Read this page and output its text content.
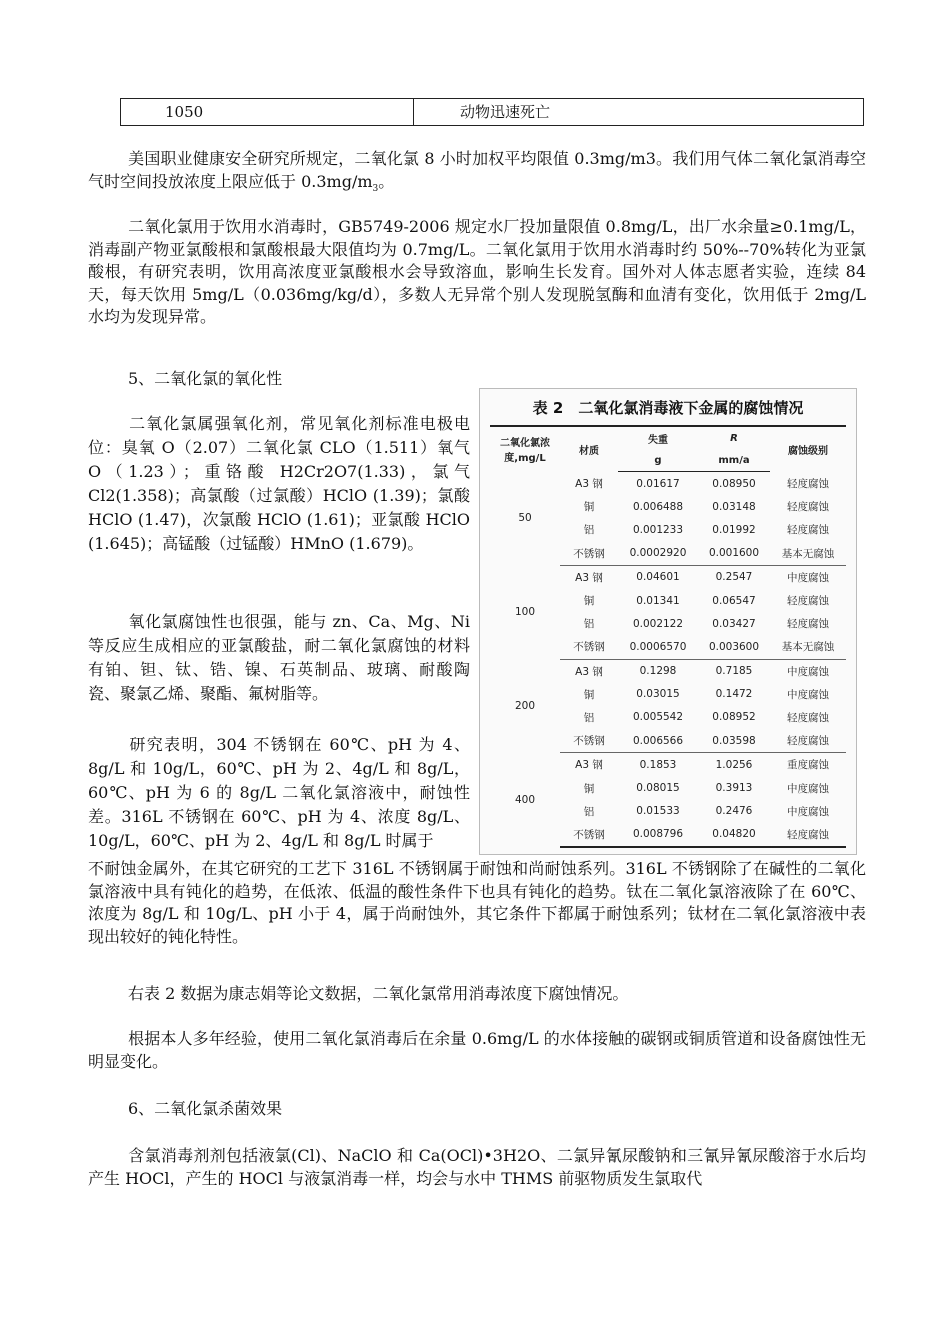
1050	动物迅速死亡
美国职业健康安全研究所规定，二氧化氯 8 小时加权平均限值 0.3mg/m3。我们用气体二氧化氯消毒空气时空间投放浓度上限应低于 $0.3mg/m_3$。
二氧化氯用于饮用水消毒时，GB5749-2006 规定水厂投加量限值 0.8mg/L，出厂水余量≥0.1mg/L，消毒副产物亚氯酸根和氯酸根最大限值均为 0.7mg/L。二氧化氯用于饮用水消毒时约 50%--70%转化为亚氯酸根，有研究表明，饮用高浓度亚氯酸根水会导致溶血，影响生长发育。国外对人体志愿者实验，连续 84 天，每天饮用 5mg/L（0.036mg/kg/d），多数人无异常个别人发现脱氢酶和血清有变化，饮用低于 2mg/L 水均为发现异常。
5、二氧化氯的氧化性
二氧化氯属强氧化剂，常见氧化剂标准电极电位：臭氧 O（2.07）二氧化氯 CLO（1.511）氧气 O（1.23）；重铬酸 H2Cr2O7(1.33)，氯气 Cl2(1.358)；高氯酸（过氯酸）HClO (1.39)；氯酸 HClO (1.47)，次氯酸 HClO (1.61)；亚氯酸 HClO (1.645)；高锰酸（过锰酸）HMnO (1.679)。
氧化氯腐蚀性也很强，能与 zn、Ca、Mg、Ni 等反应生成相应的亚氯酸盐，耐二氧化氯腐蚀的材料有铂、钽、钛、锆、镍、石英制品、玻璃、耐酸陶瓷、聚氯乙烯、聚酯、氟树脂等。
研究表明，304 不锈钢在 60℃、pH 为 4、8g/L 和 10g/L，60℃、pH 为 2、4g/L 和 8g/L，60℃、pH 为 6 的 8g/L 二氧化氯溶液中，耐蚀性差。316L 不锈钢在 60℃、pH 为 4、浓度 8g/L、10g/L，60℃、pH 为 2、4g/L 和 8g/L 时属于
不耐蚀金属外，在其它研究的工艺下 316L 不锈钢属于耐蚀和尚耐蚀系列。316L 不锈钢除了在碱性的二氧化氯溶液中具有钝化的趋势，在低浓、低温的酸性条件下也具有钝化的趋势。钛在二氧化氯溶液除了在 60℃、浓度为 8g/L 和 10g/L、pH 小于 4，属于尚耐蚀外，其它条件下都属于耐蚀系列；钛材在二氧化氯溶液中表现出较好的钝化特性。
右表 2 数据为康志娟等论文数据，二氧化氯常用消毒浓度下腐蚀情况。
根据本人多年经验，使用二氧化氯消毒后在余量 0.6mg/L 的水体接触的碳钢或铜质管道和设备腐蚀性无明显变化。
6、二氧化氯杀菌效果
含氯消毒剂剂包括液氯(Cl)、NaClO 和 Ca(OCl)•3H2O、二氯异氰尿酸钠和三氰异氰尿酸溶于水后均产生 HOCl，产生的 HOCl 与液氯消毒一样，均会与水中 THMS 前驱物质发生氯取代
表 2　二氧化氯消毒液下金属的腐蚀情况
二氧化氯浓度,mg/L	材质	失重	R	腐蚀级别
		g	mm/a	
50	A3 钢	0.01617	0.08950	轻度腐蚀
	铜	0.006488	0.03148	轻度腐蚀
	铝	0.001233	0.01992	轻度腐蚀
	不锈钢	0.0002920	0.001600	基本无腐蚀
100	A3 钢	0.04601	0.2547	中度腐蚀
	铜	0.01341	0.06547	轻度腐蚀
	铝	0.002122	0.03427	轻度腐蚀
	不锈钢	0.0006570	0.003600	基本无腐蚀
200	A3 钢	0.1298	0.7185	中度腐蚀
	铜	0.03015	0.1472	中度腐蚀
	铝	0.005542	0.08952	轻度腐蚀
	不锈钢	0.006566	0.03598	轻度腐蚀
400	A3 钢	0.1853	1.0256	重度腐蚀
	铜	0.08015	0.3913	中度腐蚀
	铝	0.01533	0.2476	中度腐蚀
	不锈钢	0.008796	0.04820	轻度腐蚀
